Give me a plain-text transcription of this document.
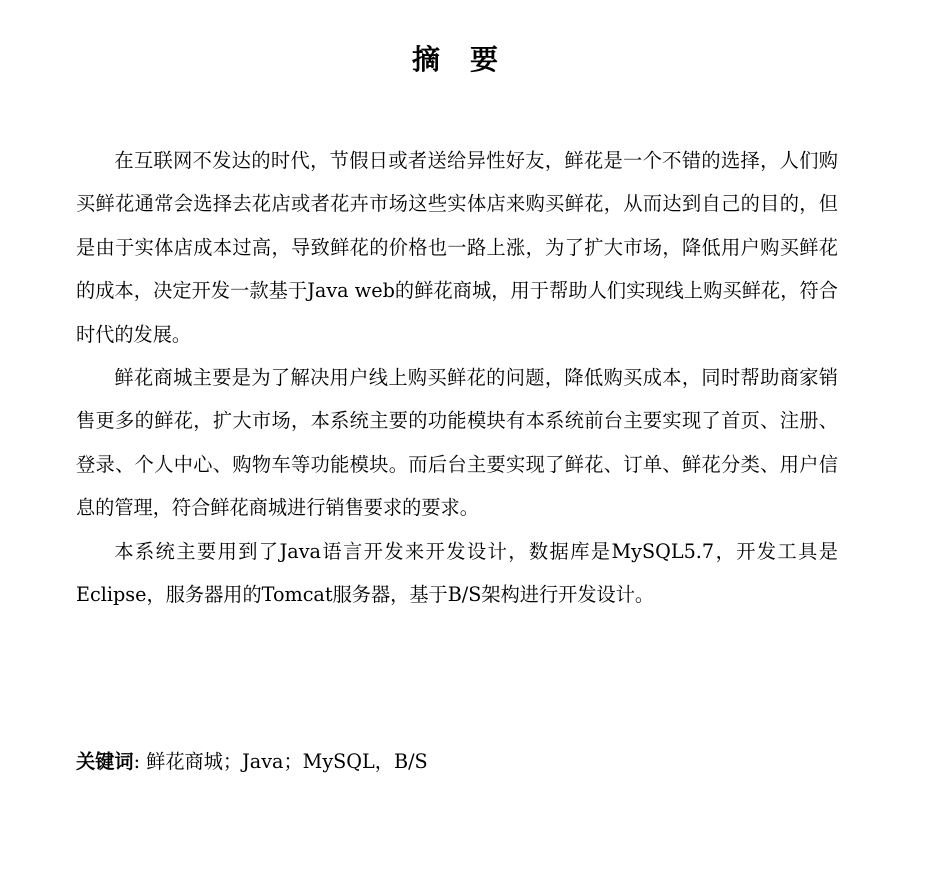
摘 要

在互联网不发达的时代，节假日或者送给异性好友，鲜花是一个不错的选择，人们购买鲜花通常会选择去花店或者花卉市场这些实体店来购买鲜花，从而达到自己的目的，但是由于实体店成本过高，导致鲜花的价格也一路上涨，为了扩大市场，降低用户购买鲜花的成本，决定开发一款基于Java web的鲜花商城，用于帮助人们实现线上购买鲜花，符合时代的发展。

鲜花商城主要是为了解决用户线上购买鲜花的问题，降低购买成本，同时帮助商家销售更多的鲜花，扩大市场，本系统主要的功能模块有本系统前台主要实现了首页、注册、登录、个人中心、购物车等功能模块。而后台主要实现了鲜花、订单、鲜花分类、用户信息的管理，符合鲜花商城进行销售要求的要求。

本系统主要用到了Java语言开发来开发设计，数据库是MySQL5.7，开发工具是Eclipse，服务器用的Tomcat服务器，基于B/S架构进行开发设计。

关键词: 鲜花商城；Java；MySQL，B/S
